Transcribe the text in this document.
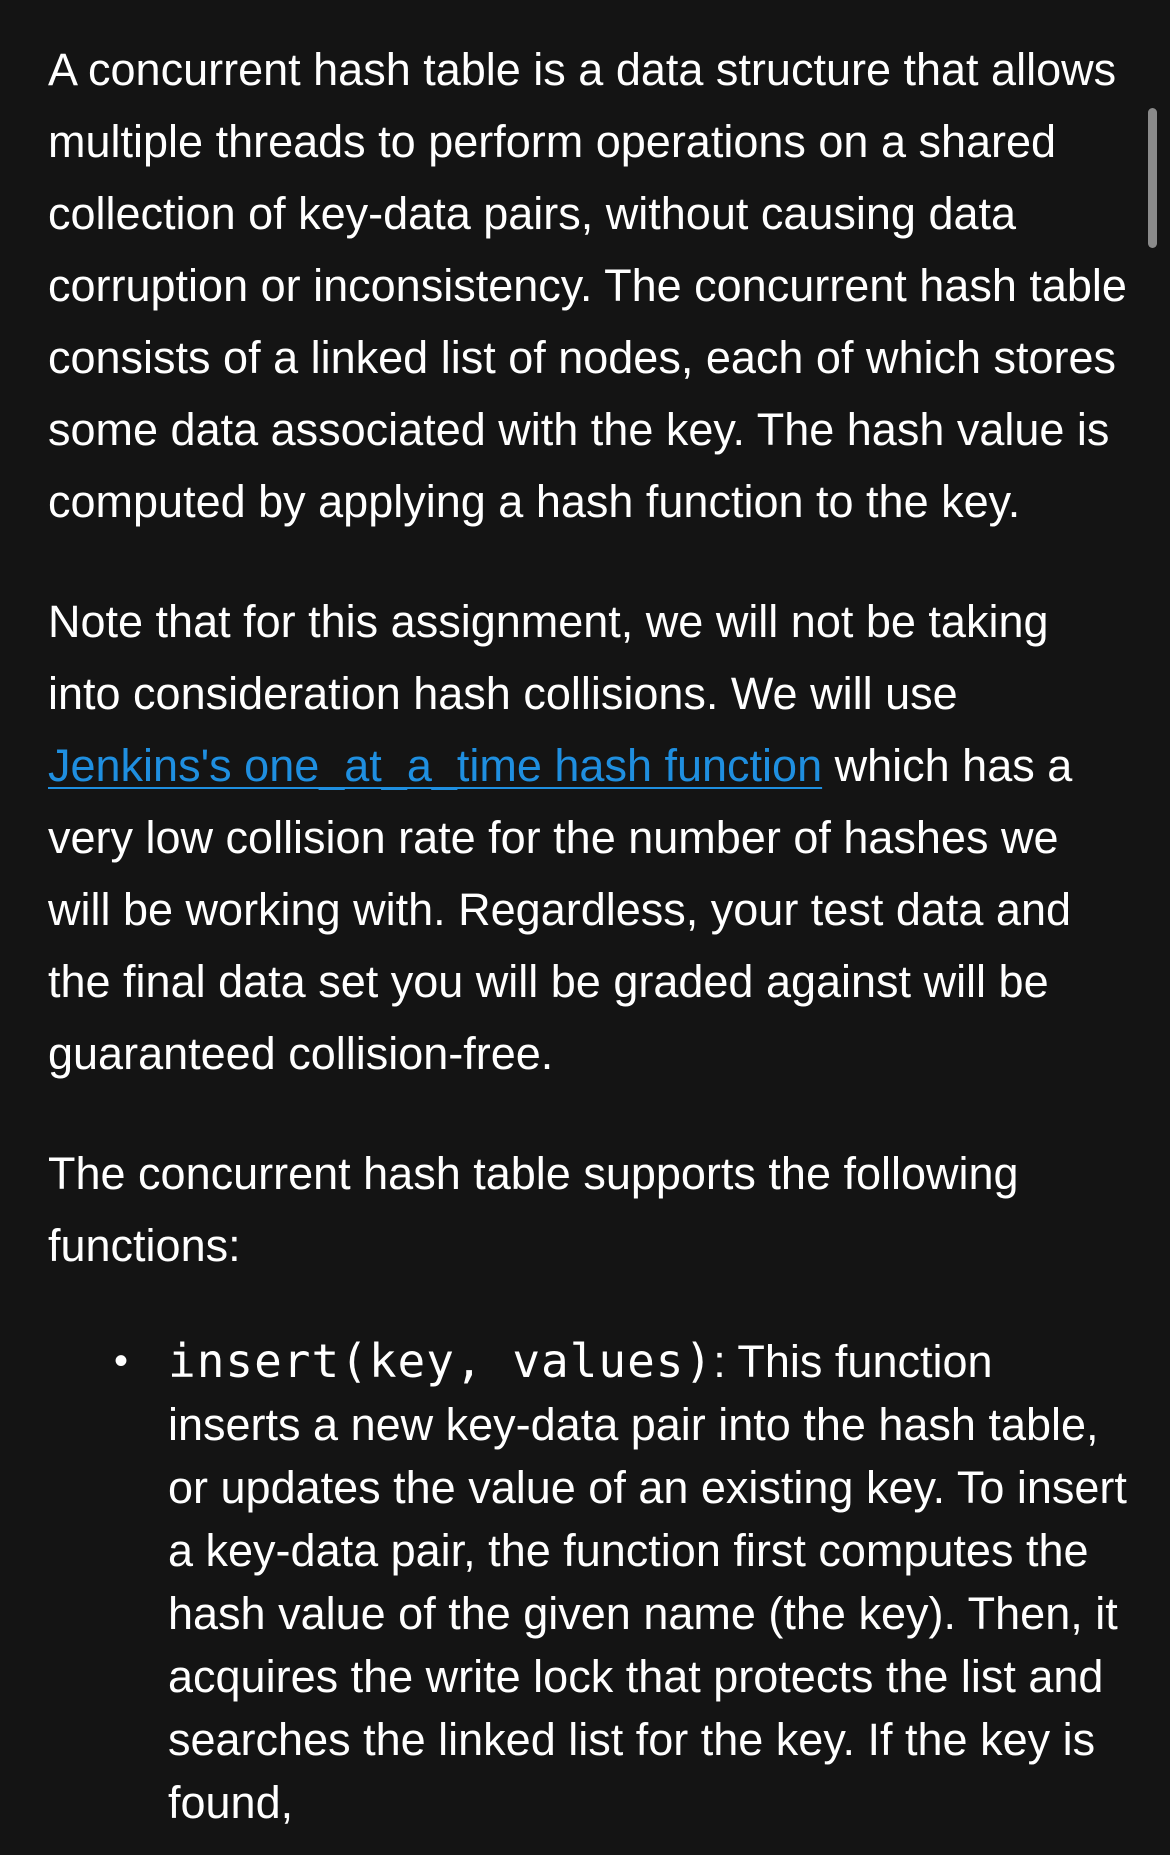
A concurrent hash table is a data structure that allows multiple threads to perform operations on a shared collection of key-data pairs, without causing data corruption or inconsistency. The concurrent hash table consists of a linked list of nodes, each of which stores some data associated with the key. The hash value is computed by applying a hash function to the key.

Note that for this assignment, we will not be taking into consideration hash collisions. We will use Jenkins's one_at_a_time hash function which has a very low collision rate for the number of hashes we will be working with. Regardless, your test data and the final data set you will be graded against will be guaranteed collision-free.

The concurrent hash table supports the following functions:

• insert(key, values): This function inserts a new key-data pair into the hash table, or updates the value of an existing key. To insert a key-data pair, the function first computes the hash value of the given name (the key). Then, it acquires the write lock that protects the list and searches the linked list for the key. If the key is found,
